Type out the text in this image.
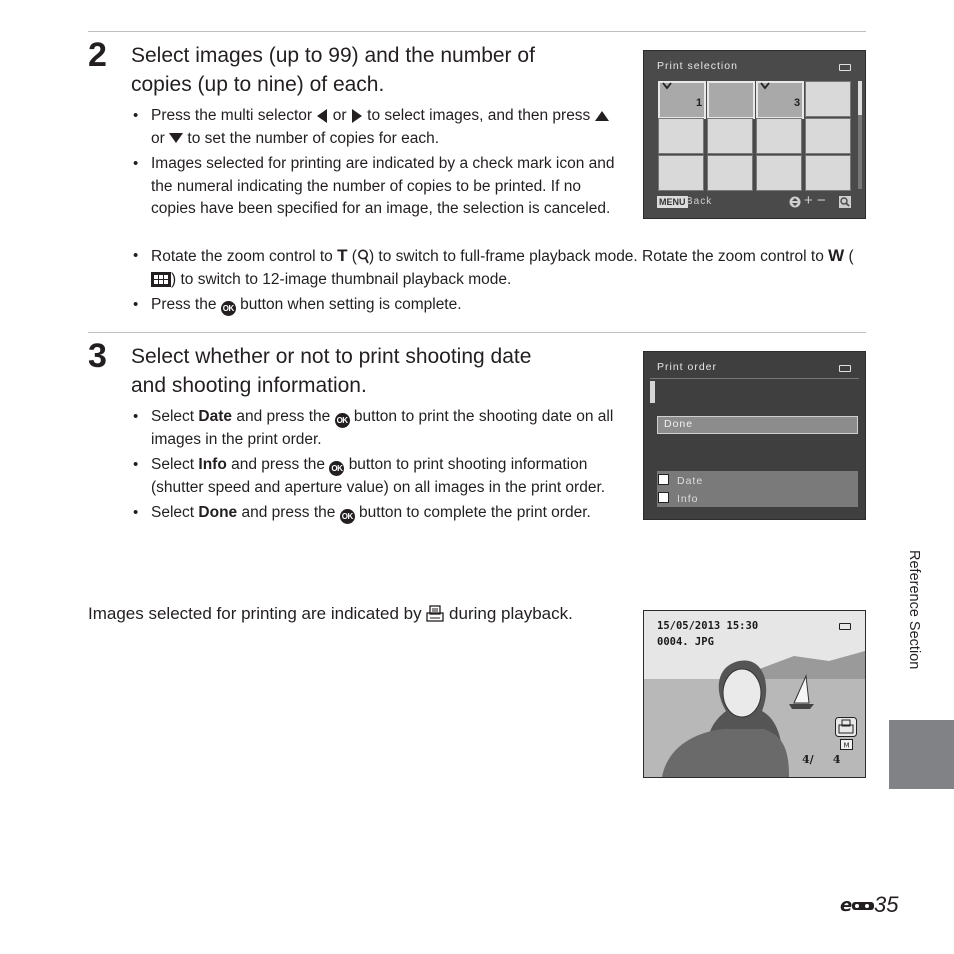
2 Select images (up to 99) and the number of
copies (up to nine) of each.
• Press the multi selector or to select images, and then press  or to set the number of copies for each.
• Images selected for printing are indicated by a check mark icon and the numeral indicating the number of copies to be printed. If no copies have been specified for an image, the selection is canceled.
• Rotate the zoom control to T ( ) to switch to full-frame playback mode. Rotate the zoom control to W () to switch to 12-image thumbnail playback mode.
• Press the OK button when setting is complete.
Print selection
1	3
MENU Back	+ −
3 Select whether or not to print shooting date
and shooting information.
• Select Date and press the OK button to print the shooting date on all images in the print order.
• Select Info and press the OK button to print shooting information (shutter speed and aperture value) on all images in the print order.
• Select Done and press the OK button to complete the print order.
Print order
Done
Date
Info
Images selected for printing are indicated by during playback.
15/05/2013 15:30
0004. JPG
M
4/ 4
Reference Section
e 35
